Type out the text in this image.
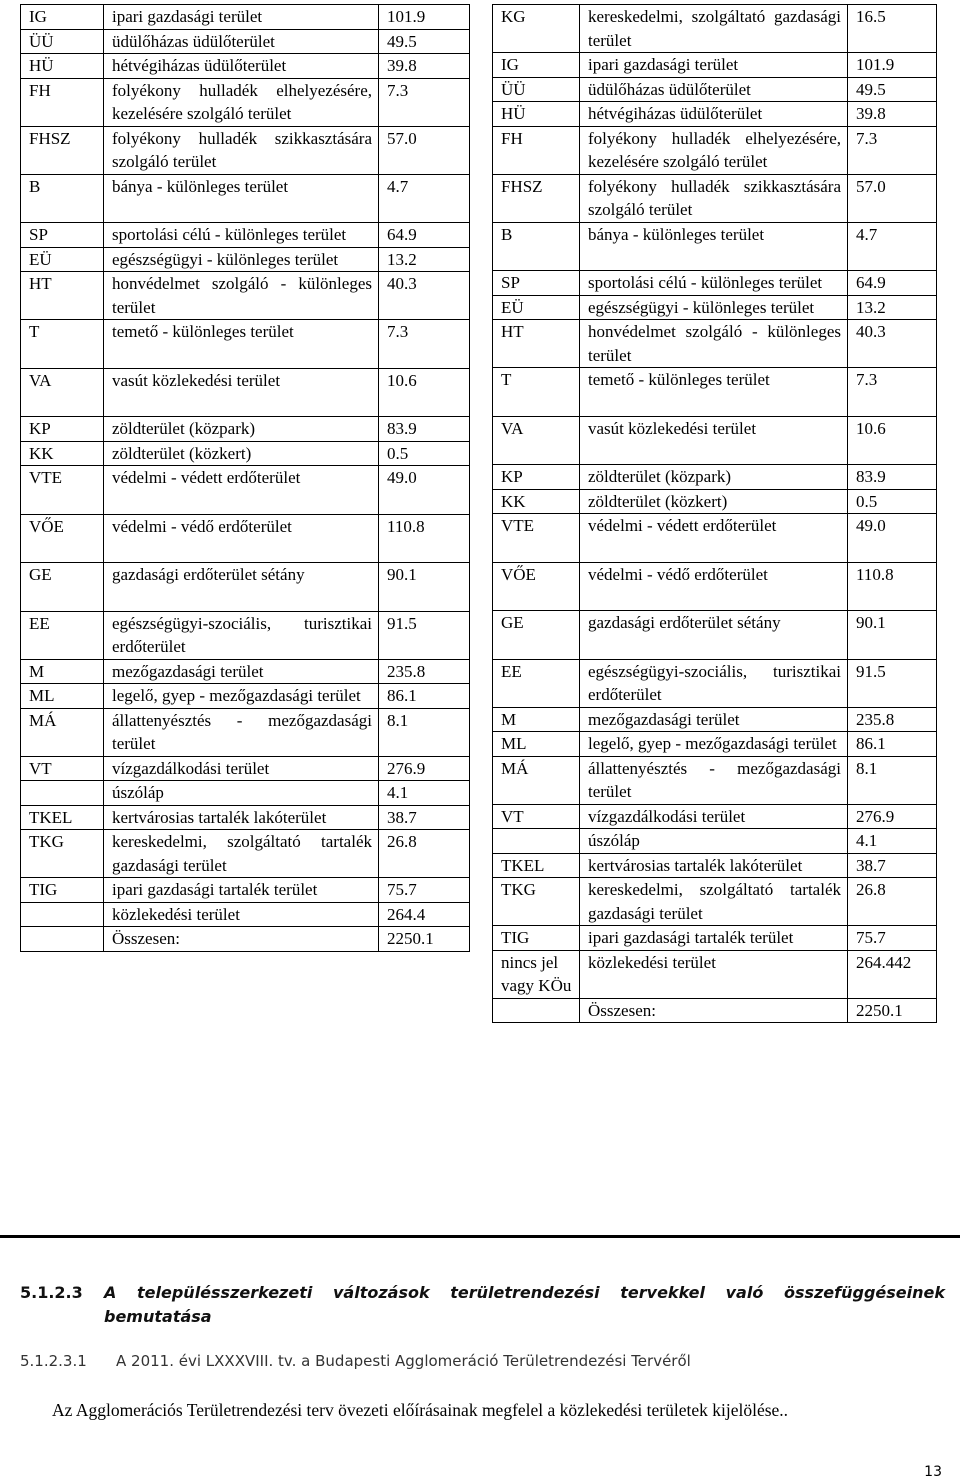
IG	ipari gazdasági terület	101.9
ÜÜ	üdülőházas üdülőterület	49.5
HÜ	hétvégiházas üdülőterület	39.8
FH	folyékony hulladék elhelyezésére, kezelésére szolgáló terület	7.3
FHSZ	folyékony hulladék szikkasztására szolgáló terület	57.0
B	bánya - különleges terület	4.7
SP	sportolási célú - különleges terület	64.9
EÜ	egészségügyi - különleges terület	13.2
HT	honvédelmet szolgáló - különleges terület	40.3
T	temető - különleges terület	7.3
VA	vasút közlekedési terület	10.6
KP	zöldterület (közpark)	83.9
KK	zöldterület (közkert)	0.5
VTE	védelmi - védett erdőterület	49.0
VŐE	védelmi - védő erdőterület	110.8
GE	gazdasági erdőterület sétány	90.1
EE	egészségügyi-szociális, turisztikai erdőterület	91.5
M	mezőgazdasági terület	235.8
ML	legelő, gyep - mezőgazdasági terület	86.1
MÁ	állattenyésztés - mezőgazdasági terület	8.1
VT	vízgazdálkodási terület	276.9
	úszóláp	4.1
TKEL	kertvárosias tartalék lakóterület	38.7
TKG	kereskedelmi, szolgáltató tartalék gazdasági terület	26.8
TIG	ipari gazdasági tartalék terület	75.7
	közlekedési terület	264.4
	Összesen:	2250.1
KG	kereskedelmi, szolgáltató gazdasági terület	16.5
IG	ipari gazdasági terület	101.9
ÜÜ	üdülőházas üdülőterület	49.5
HÜ	hétvégiházas üdülőterület	39.8
FH	folyékony hulladék elhelyezésére, kezelésére szolgáló terület	7.3
FHSZ	folyékony hulladék szikkasztására szolgáló terület	57.0
B	bánya - különleges terület	4.7
SP	sportolási célú - különleges terület	64.9
EÜ	egészségügyi - különleges terület	13.2
HT	honvédelmet szolgáló - különleges terület	40.3
T	temető - különleges terület	7.3
VA	vasút közlekedési terület	10.6
KP	zöldterület (közpark)	83.9
KK	zöldterület (közkert)	0.5
VTE	védelmi - védett erdőterület	49.0
VŐE	védelmi - védő erdőterület	110.8
GE	gazdasági erdőterület sétány	90.1
EE	egészségügyi-szociális, turisztikai erdőterület	91.5
M	mezőgazdasági terület	235.8
ML	legelő, gyep - mezőgazdasági terület	86.1
MÁ	állattenyésztés - mezőgazdasági terület	8.1
VT	vízgazdálkodási terület	276.9
	úszóláp	4.1
TKEL	kertvárosias tartalék lakóterület	38.7
TKG	kereskedelmi, szolgáltató tartalék gazdasági terület	26.8
TIG	ipari gazdasági tartalék terület	75.7
nincs jel vagy KÖu	közlekedési terület	264.442
	Összesen:	2250.1
5.1.2.3 A településszerkezeti változások területrendezési tervekkel való összefüggéseinek bemutatása
5.1.2.3.1 A 2011. évi LXXXVIII. tv. a Budapesti Agglomeráció Területrendezési Tervéről
Az Agglomerációs Területrendezési terv övezeti előírásainak megfelel a közlekedési területek kijelölése..
13
